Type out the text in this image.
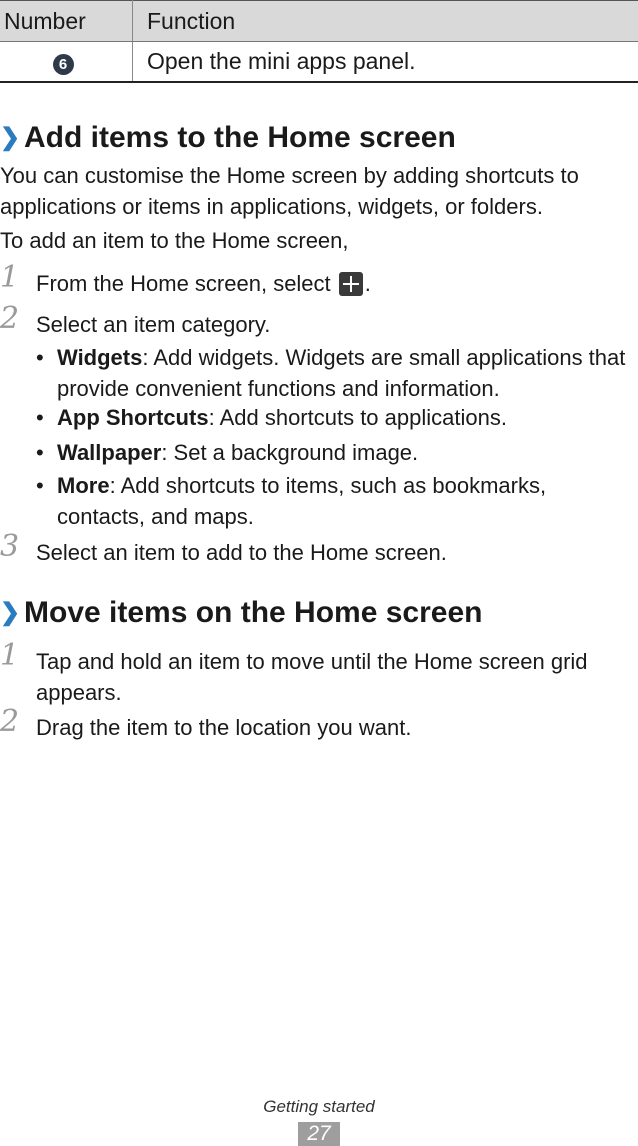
Number	Function
6	Open the mini apps panel.
❯ Add items to the Home screen

You can customise the Home screen by adding shortcuts to applications or items in applications, widgets, or folders.

To add an item to the Home screen,

1 From the Home screen, select .

2 Select an item category.

• Widgets: Add widgets. Widgets are small applications that provide convenient functions and information.

• App Shortcuts: Add shortcuts to applications.

• Wallpaper: Set a background image.

• More: Add shortcuts to items, such as bookmarks, contacts, and maps.

3 Select an item to add to the Home screen.

❯ Move items on the Home screen
1 Tap and hold an item to move until the Home screen grid appears.

2 Drag the item to the location you want.

Getting started
27
